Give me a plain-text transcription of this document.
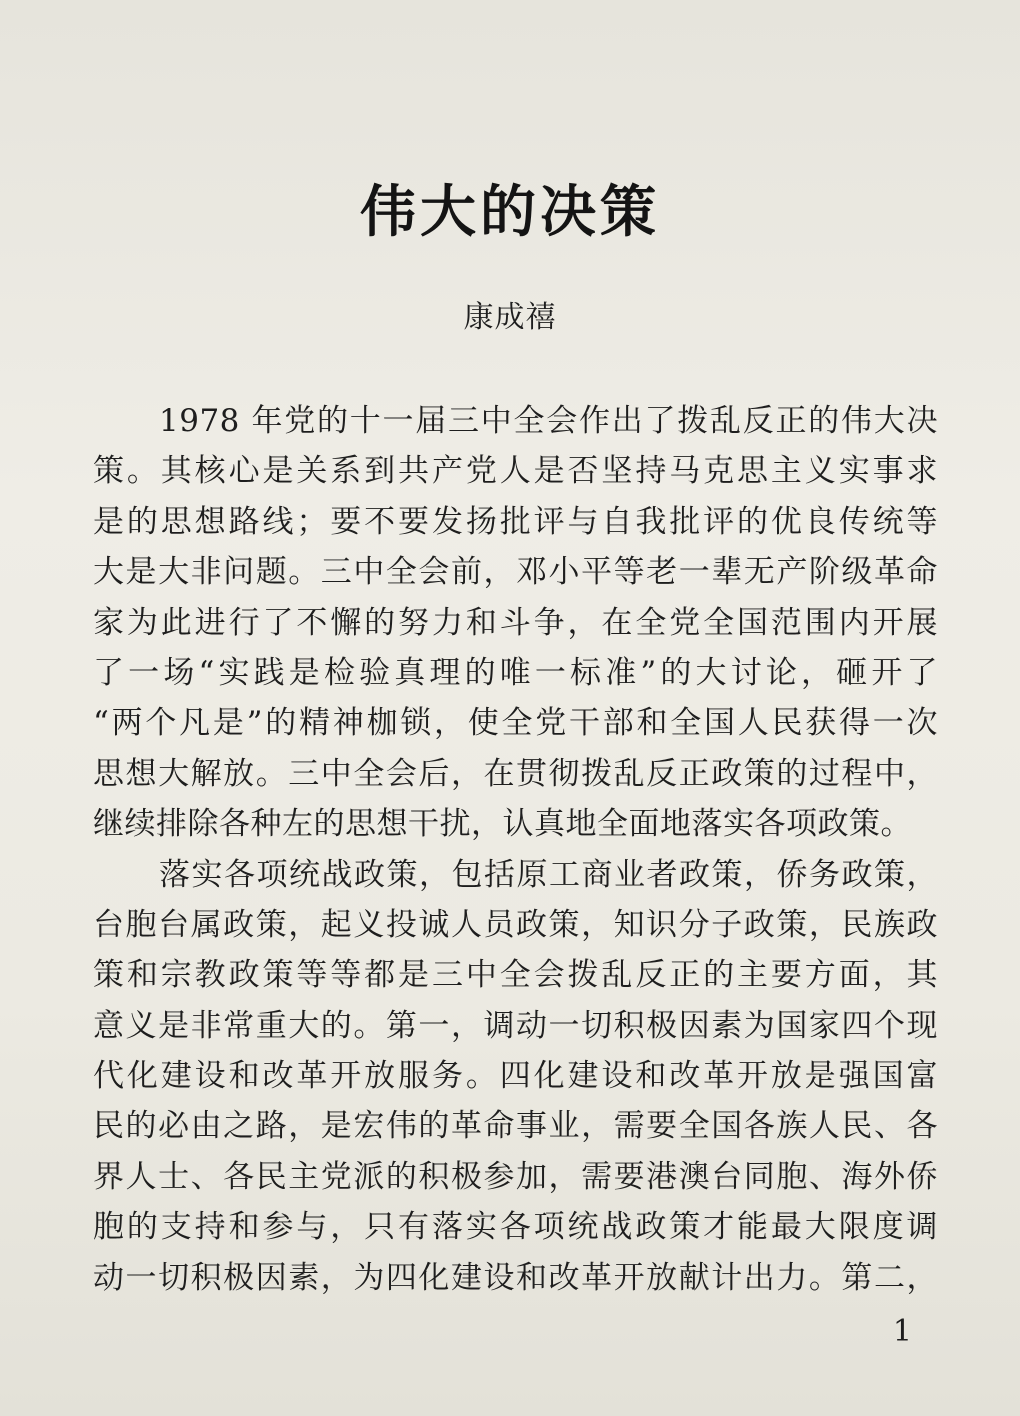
伟大的决策
康成禧
1978 年党的十一届三中全会作出了拨乱反正的伟大决
策。其核心是关系到共产党人是否坚持马克思主义实事求
是的思想路线；要不要发扬批评与自我批评的优良传统等
大是大非问题。三中全会前，邓小平等老一辈无产阶级革命
家为此进行了不懈的努力和斗争，在全党全国范围内开展
了一场“实践是检验真理的唯一标准”的大讨论，砸开了
“两个凡是”的精神枷锁，使全党干部和全国人民获得一次
思想大解放。三中全会后，在贯彻拨乱反正政策的过程中，
继续排除各种左的思想干扰，认真地全面地落实各项政策。
落实各项统战政策，包括原工商业者政策，侨务政策，
台胞台属政策，起义投诚人员政策，知识分子政策，民族政
策和宗教政策等等都是三中全会拨乱反正的主要方面，其
意义是非常重大的。第一，调动一切积极因素为国家四个现
代化建设和改革开放服务。四化建设和改革开放是强国富
民的必由之路，是宏伟的革命事业，需要全国各族人民、各
界人士、各民主党派的积极参加，需要港澳台同胞、海外侨
胞的支持和参与，只有落实各项统战政策才能最大限度调
动一切积极因素，为四化建设和改革开放献计出力。第二，
1
